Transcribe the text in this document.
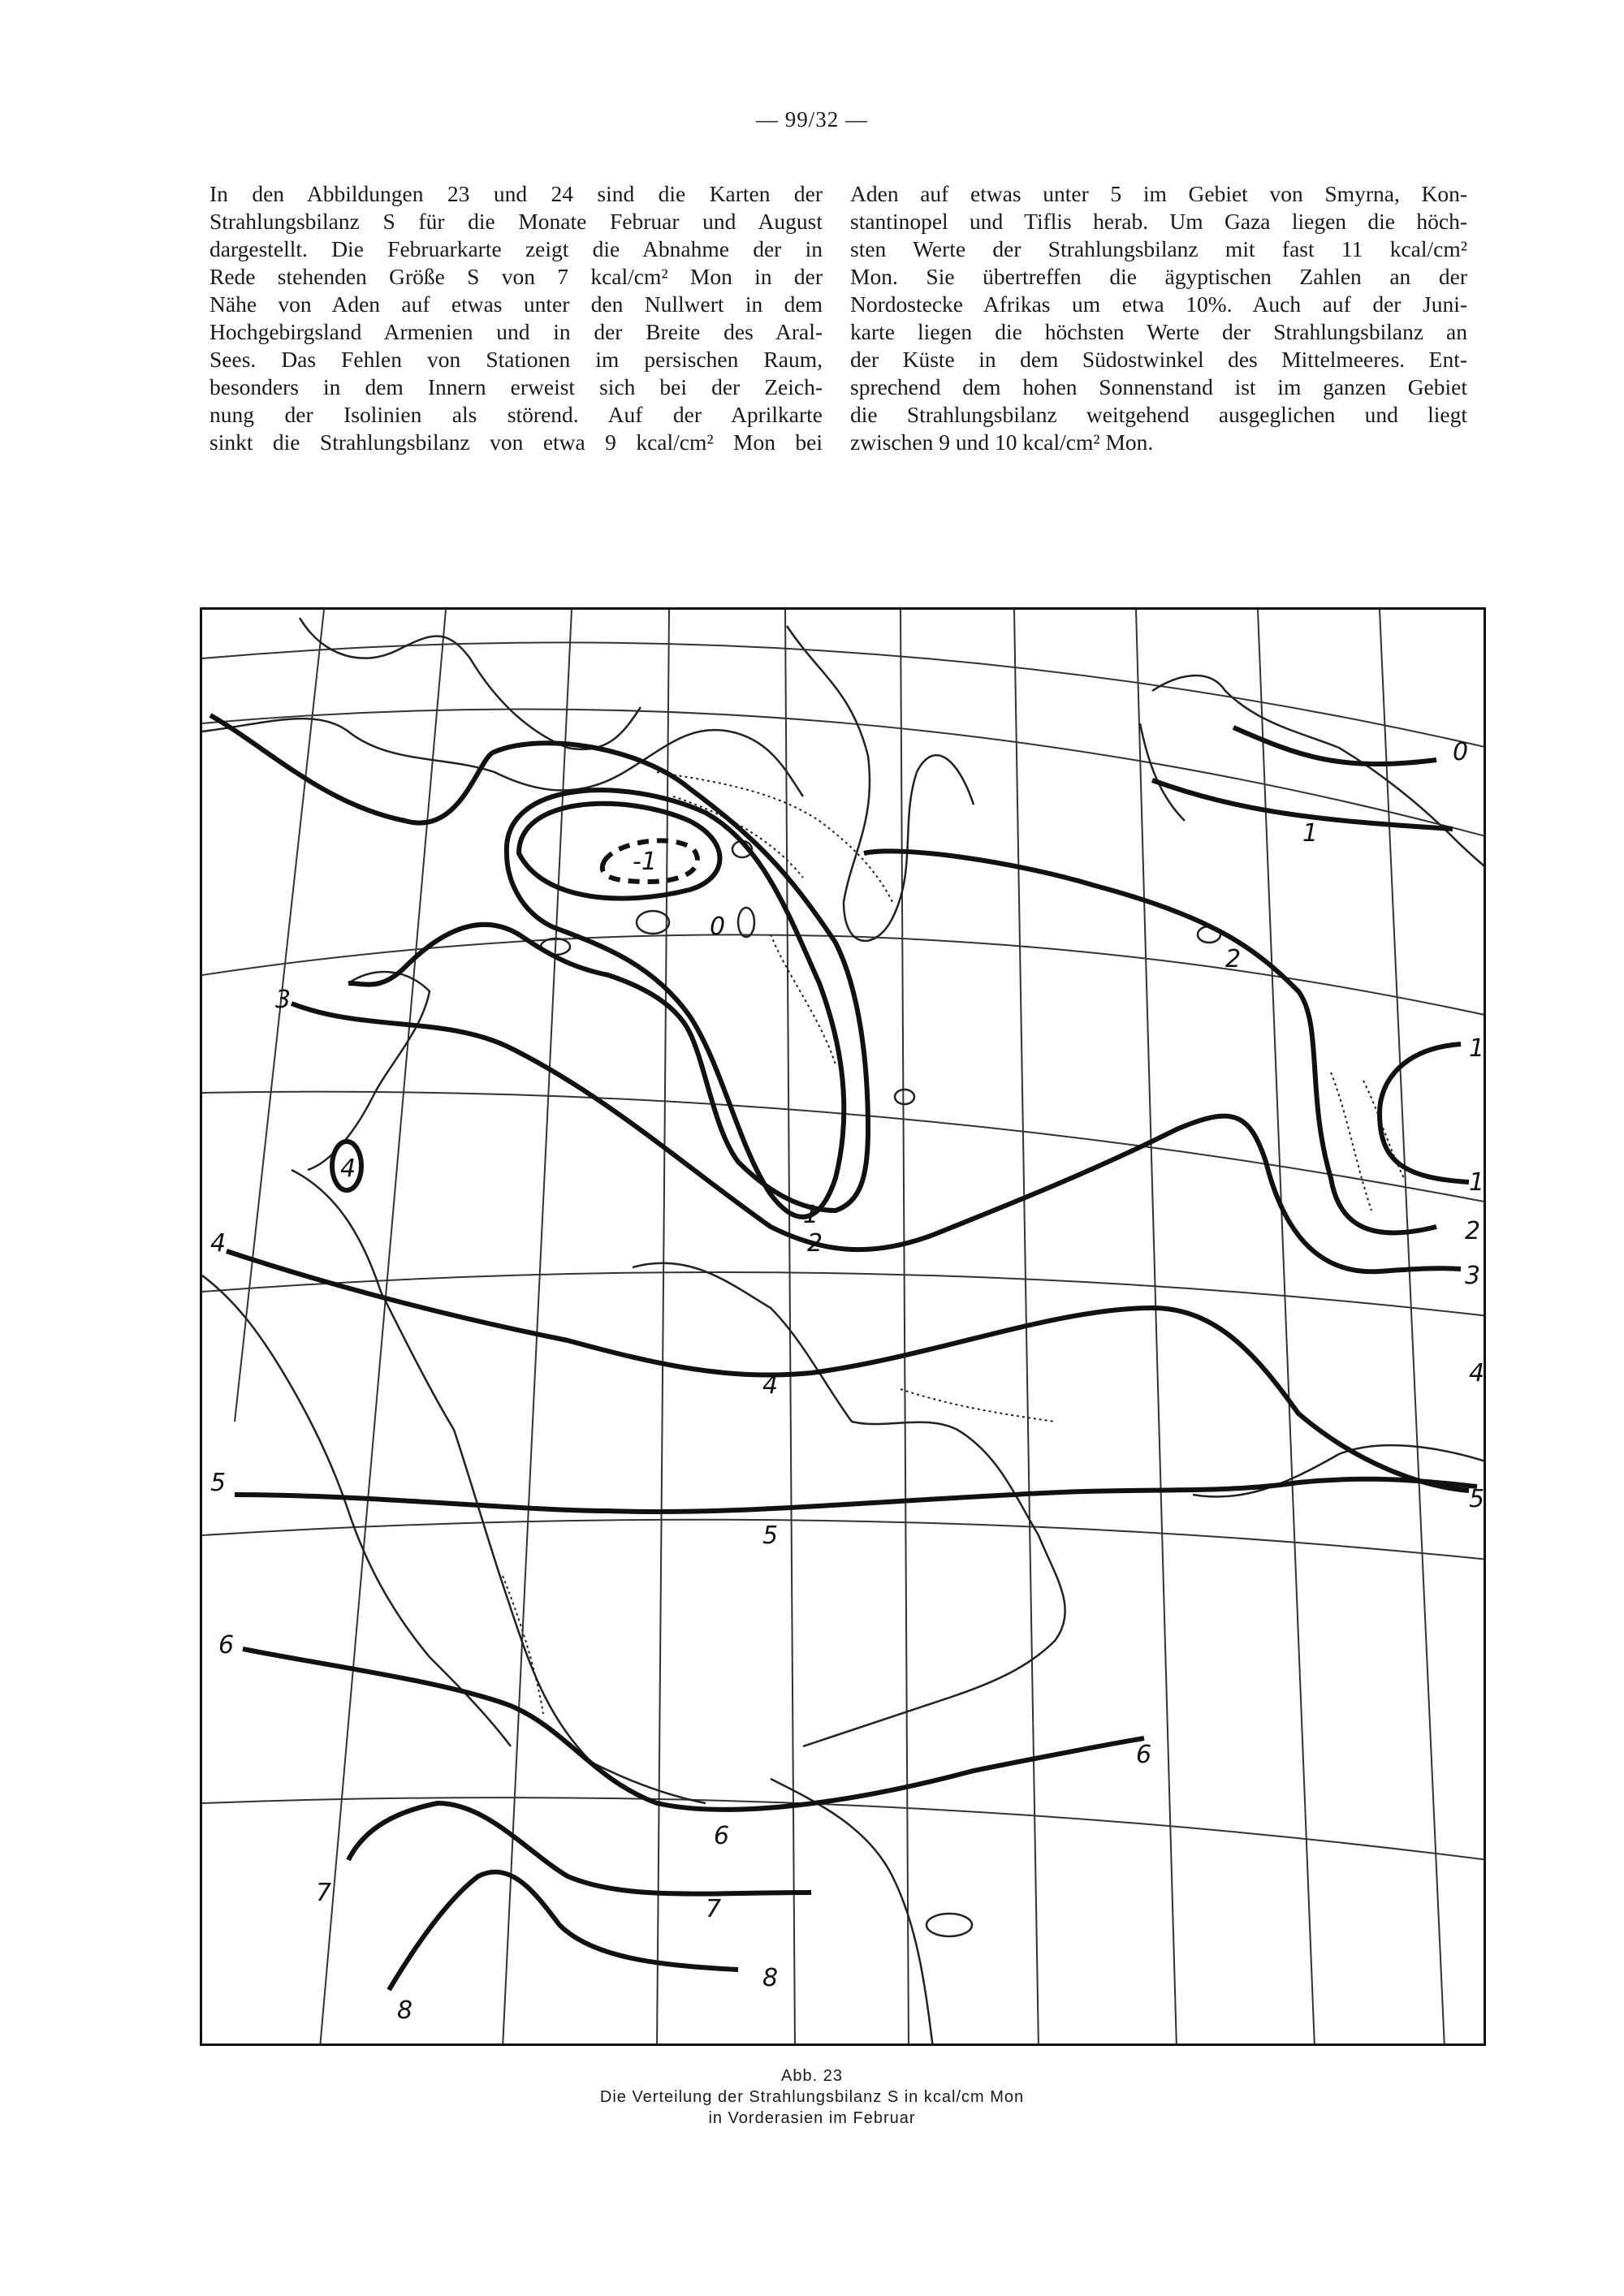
— 99/32 —
In den Abbildungen 23 und 24 sind die Karten der
Strahlungsbilanz S für die Monate Februar und August
dargestellt. Die Februarkarte zeigt die Abnahme der in
Rede stehenden Größe S von 7 kcal/cm² Mon in der
Nähe von Aden auf etwas unter den Nullwert in dem
Hochgebirgsland Armenien und in der Breite des Aral-
Sees. Das Fehlen von Stationen im persischen Raum,
besonders in dem Innern erweist sich bei der Zeich-
nung der Isolinien als störend. Auf der Aprilkarte
sinkt die Strahlungsbilanz von etwa 9 kcal/cm² Mon bei
Aden auf etwas unter 5 im Gebiet von Smyrna, Kon-
stantinopel und Tiflis herab. Um Gaza liegen die höch-
sten Werte der Strahlungsbilanz mit fast 11 kcal/cm²
Mon. Sie übertreffen die ägyptischen Zahlen an der
Nordostecke Afrikas um etwa 10%. Auch auf der Juni-
karte liegen die höchsten Werte der Strahlungsbilanz an
der Küste in dem Südostwinkel des Mittelmeeres. Ent-
sprechend dem hohen Sonnenstand ist im ganzen Gebiet
die Strahlungsbilanz weitgehend ausgeglichen und liegt
zwischen 9 und 10 kcal/cm² Mon.
0
1
2
-1
0
1
2
3
4
1
1
2
3
4
4
4
5
5
5
6
6
6
7
7
8
8
Abb. 23
Die Verteilung der Strahlungsbilanz S in kcal/cm Mon
in Vorderasien im Februar
